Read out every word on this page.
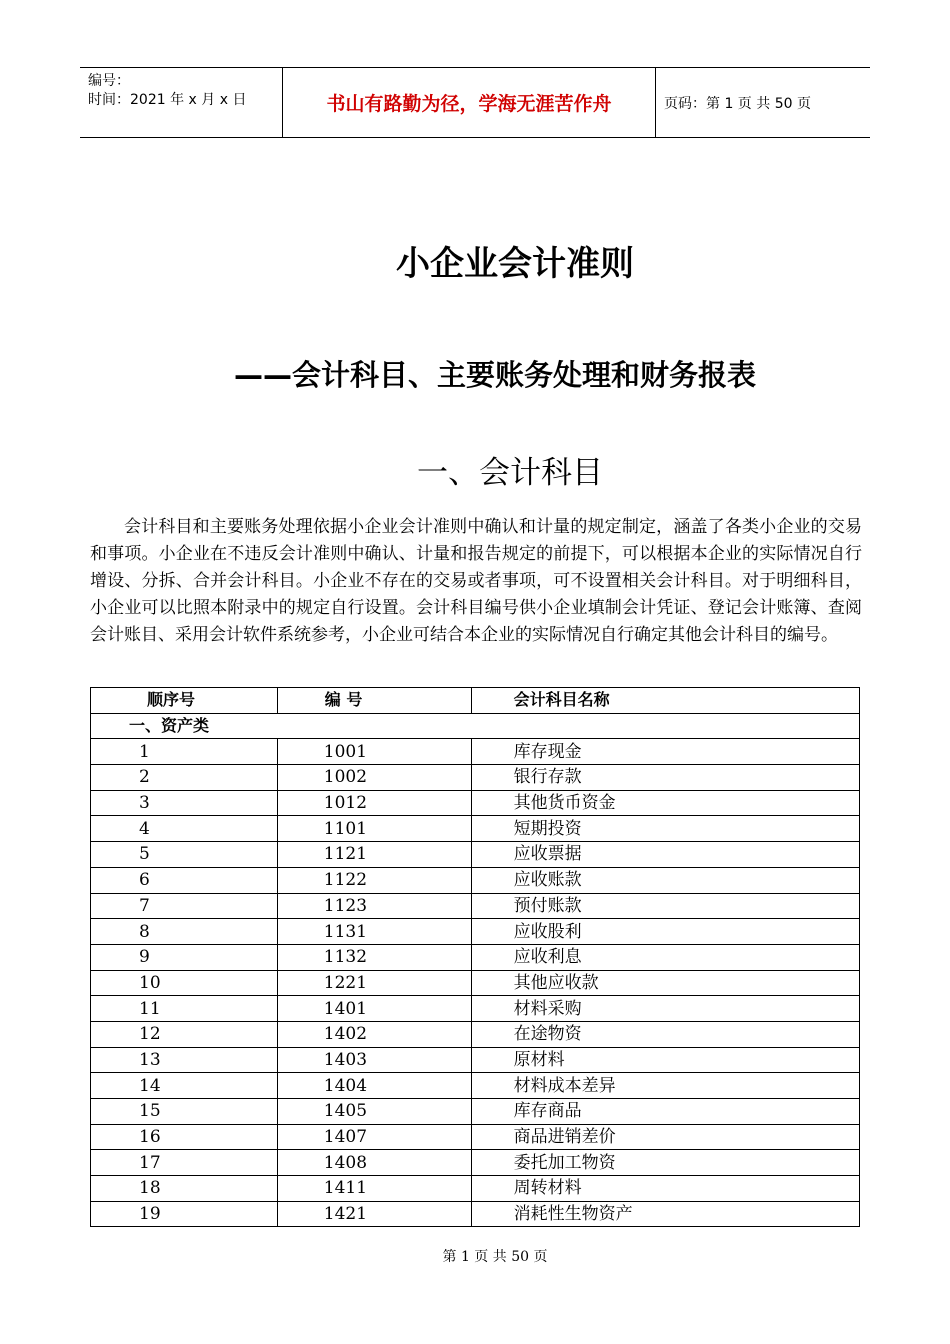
编号：
时间：2021 年 x 月 x 日	书山有路勤为径，学海无涯苦作舟	页码：第 1 页 共 50 页
小企业会计准则
——会计科目、主要账务处理和财务报表
一、会计科目

会计科目和主要账务处理依据小企业会计准则中确认和计量的规定制定，涵盖了各类小企业的交易和事项。小企业在不违反会计准则中确认、计量和报告规定的前提下，可以根据本企业的实际情况自行增设、分拆、合并会计科目。小企业不存在的交易或者事项，可不设置相关会计科目。对于明细科目，小企业可以比照本附录中的规定自行设置。会计科目编号供小企业填制会计凭证、登记会计账簿、查阅会计账目、采用会计软件系统参考，小企业可结合本企业的实际情况自行确定其他会计科目的编号。

顺序号	编 号	会计科目名称
一、资产类		
1	1001	库存现金
2	1002	银行存款
3	1012	其他货币资金
4	1101	短期投资
5	1121	应收票据
6	1122	应收账款
7	1123	预付账款
8	1131	应收股利
9	1132	应收利息
10	1221	其他应收款
11	1401	材料采购
12	1402	在途物资
13	1403	原材料
14	1404	材料成本差异
15	1405	库存商品
16	1407	商品进销差价
17	1408	委托加工物资
18	1411	周转材料
19	1421	消耗性生物资产
第 1 页 共 50 页
